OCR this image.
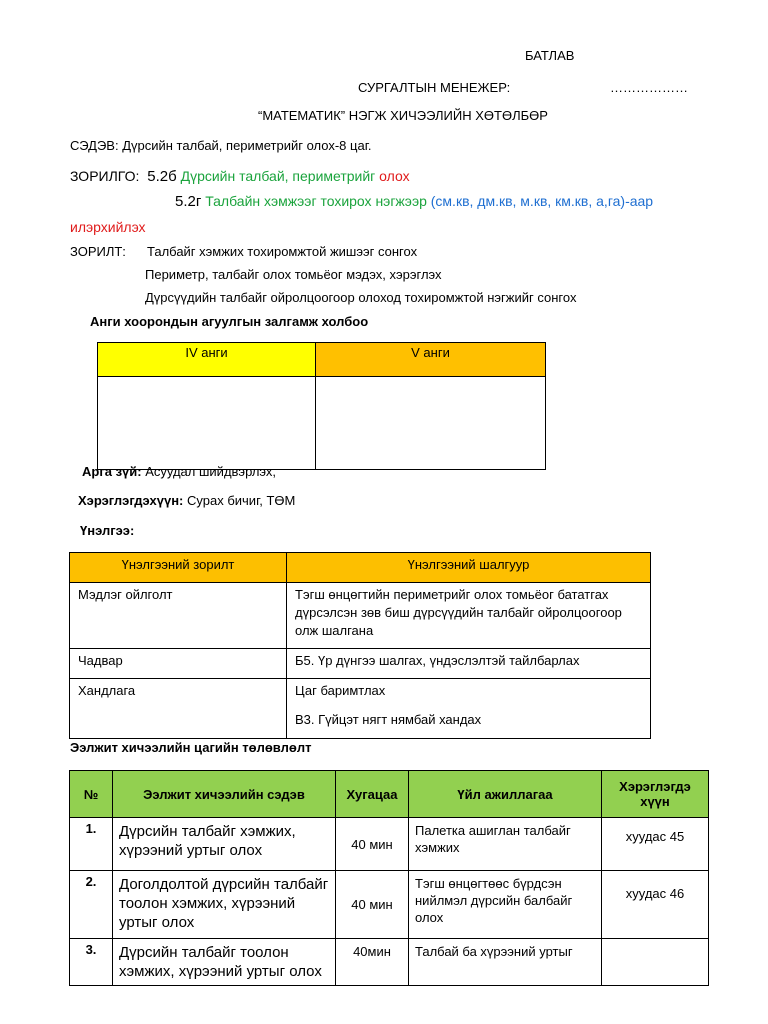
БАТЛАВ
СУРГАЛТЫН МЕНЕЖЕР:	………………
“МАТЕМАТИК” НЭГЖ ХИЧЭЭЛИЙН ХӨТӨЛБӨР
СЭДЭВ: Дүрсийн талбай, периметрийг олох-8 цаг.
ЗОРИЛГО: 5.2б Дүрсийн талбай, периметрийг олох
5.2г Талбайн хэмжээг тохирох нэгжээр (см.кв, дм.кв, м.кв, км.кв, а,га)-аар
илэрхийлэх
ЗОРИЛТ: Талбайг хэмжих тохиромжтой жишээг сонгох
Периметр, талбайг олох томьёог мэдэх, хэрэглэх
Дүрсүүдийн талбайг ойролцоогоор олоход тохиромжтой нэгжийг сонгох
Анги хоорондын агуулгын залгамж холбоо
IV анги	V анги

Арга зүй: Асуудал шийдвэрлэх,
Хэрэглэгдэхүүн: Сурах бичиг, ТӨМ
Үнэлгээ:
Үнэлгээний зорилт	Үнэлгээний шалгуур
Мэдлэг ойлголт	Тэгш өнцөгтийн периметрийг олох томьёог бататгах дүрсэлсэн зөв биш дүрсүүдийн талбайг ойролцоогоор олж шалгана
Чадвар	Б5. Үр дүнгээ шалгах, үндэслэлтэй тайлбарлах
Хандлага	Цаг баримтлах
В3. Гүйцэт нягт нямбай хандах
Ээлжит хичээлийн цагийн төлөвлөлт
№	Ээлжит хичээлийн сэдэв	Хугацаа	Үйл ажиллагаа	Хэрэглэгдэ хүүн
1.	Дүрсийн талбайг хэмжих, хүрээний уртыг олох	40 мин	Палетка ашиглан талбайг хэмжих	хуудас 45
2.	Доголдолтой дүрсийн талбайг тоолон хэмжих, хүрээний уртыг олох	40 мин	Тэгш өнцөгтөөс бүрдсэн нийлмэл дүрсийн балбайг олох	хуудас 46
3.	Дүрсийн талбайг тоолон хэмжих, хүрээний уртыг олох	40мин	Талбай ба хүрээний уртыг	
